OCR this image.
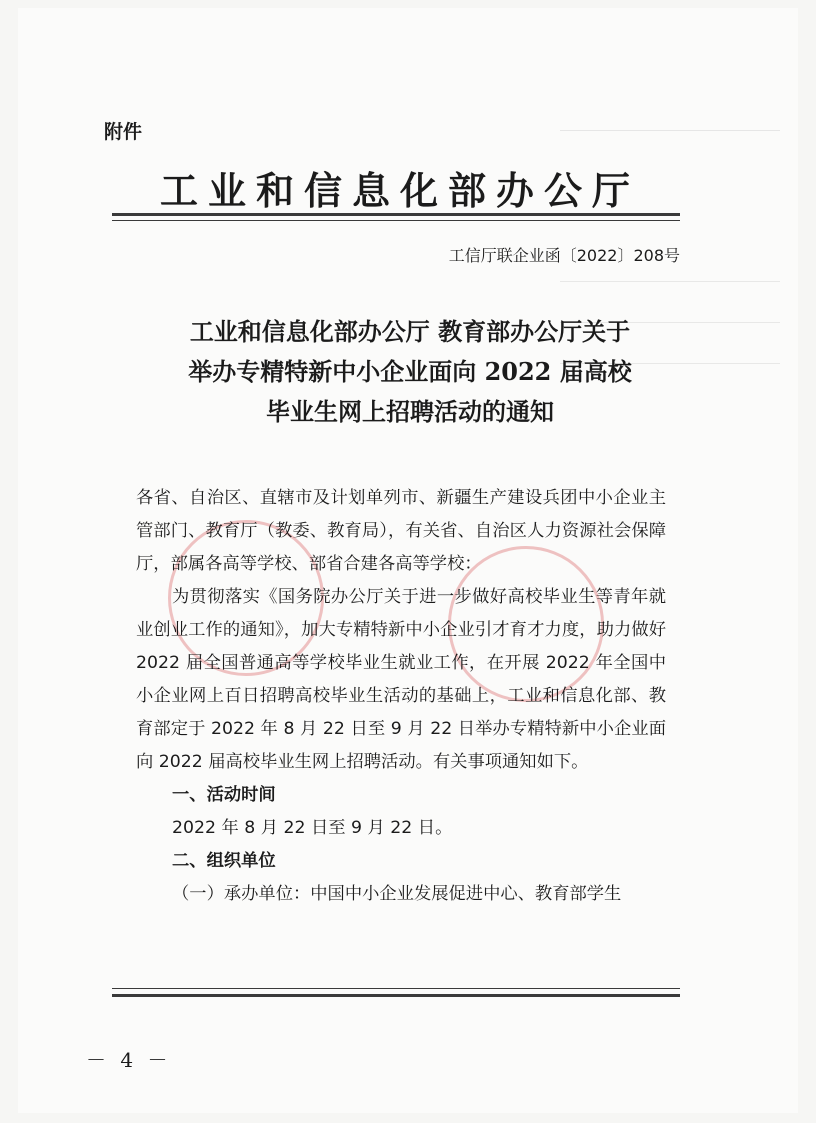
附件
工业和信息化部办公厅
工信厅联企业函〔2022〕208号
工业和信息化部办公厅 教育部办公厅关于
举办专精特新中小企业面向 2022 届高校
毕业生网上招聘活动的通知

各省、自治区、直辖市及计划单列市、新疆生产建设兵团中小企业主管部门、教育厅（教委、教育局），有关省、自治区人力资源社会保障厅，部属各高等学校、部省合建各高等学校：

为贯彻落实《国务院办公厅关于进一步做好高校毕业生等青年就业创业工作的通知》，加大专精特新中小企业引才育才力度，助力做好 2022 届全国普通高等学校毕业生就业工作，在开展 2022 年全国中小企业网上百日招聘高校毕业生活动的基础上，工业和信息化部、教育部定于 2022 年 8 月 22 日至 9 月 22 日举办专精特新中小企业面向 2022 届高校毕业生网上招聘活动。有关事项通知如下。

一、活动时间

2022 年 8 月 22 日至 9 月 22 日。

二、组织单位

（一）承办单位：中国中小企业发展促进中心、教育部学生

－ 4 －
